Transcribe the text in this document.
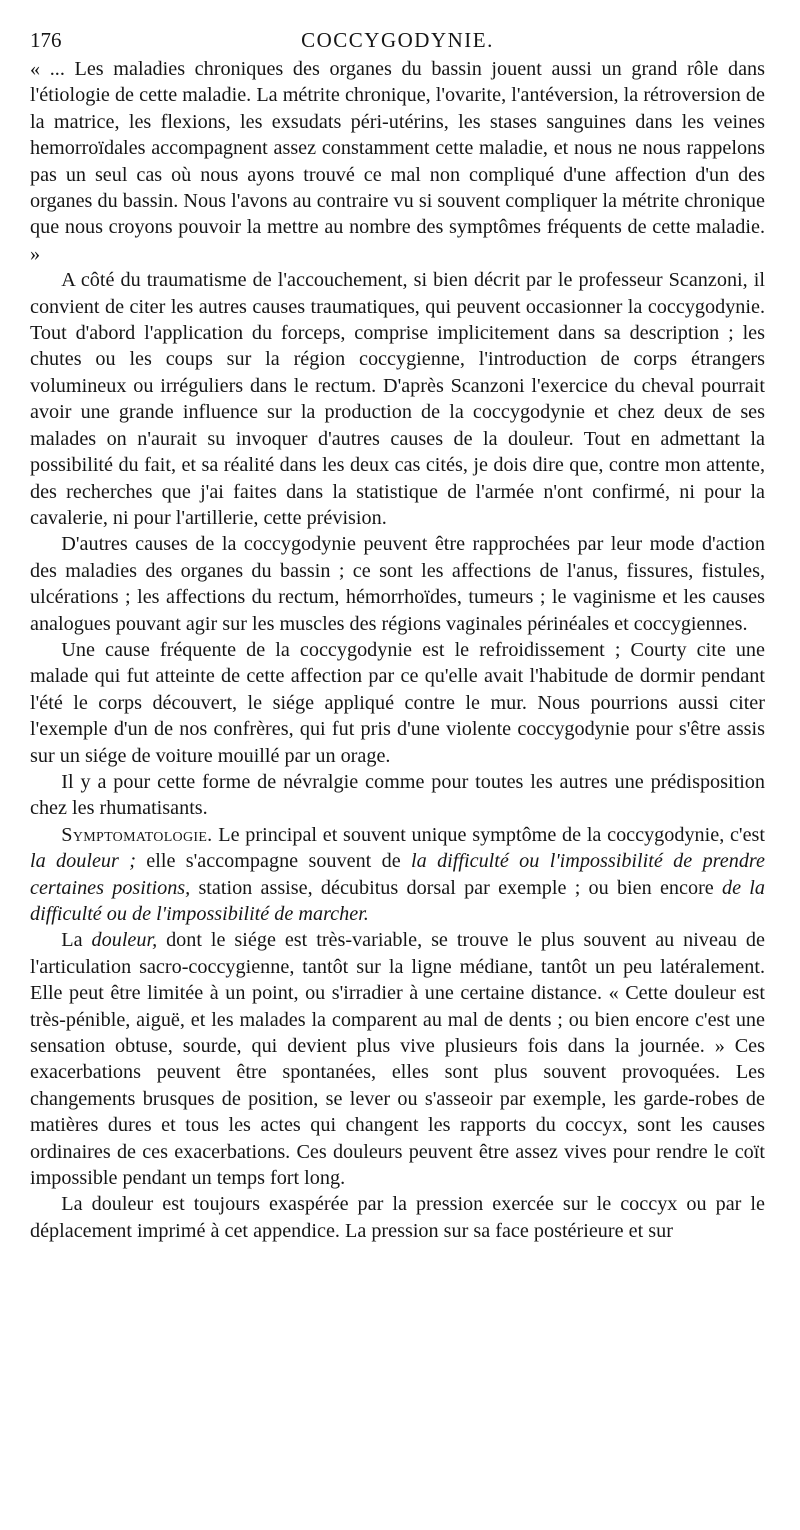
176	COCCYGODYNIE.

« ... Les maladies chroniques des organes du bassin jouent aussi un grand rôle dans l'étiologie de cette maladie. La métrite chronique, l'ovarite, l'antéversion, la rétroversion de la matrice, les flexions, les exsudats péri-utérins, les stases sanguines dans les veines hemorroïdales accompagnent assez constamment cette maladie, et nous ne nous rappelons pas un seul cas où nous ayons trouvé ce mal non compliqué d'une affection d'un des organes du bassin. Nous l'avons au contraire vu si souvent compliquer la métrite chronique que nous croyons pouvoir la mettre au nombre des symptômes fréquents de cette maladie. »

A côté du traumatisme de l'accouchement, si bien décrit par le professeur Scanzoni, il convient de citer les autres causes traumatiques, qui peuvent occasionner la coccygodynie. Tout d'abord l'application du forceps, comprise implicitement dans sa description ; les chutes ou les coups sur la région coccygienne, l'introduction de corps étrangers volumineux ou irréguliers dans le rectum. D'après Scanzoni l'exercice du cheval pourrait avoir une grande influence sur la production de la coccygodynie et chez deux de ses malades on n'aurait su invoquer d'autres causes de la douleur. Tout en admettant la possibilité du fait, et sa réalité dans les deux cas cités, je dois dire que, contre mon attente, des recherches que j'ai faites dans la statistique de l'armée n'ont confirmé, ni pour la cavalerie, ni pour l'artillerie, cette prévision.

D'autres causes de la coccygodynie peuvent être rapprochées par leur mode d'action des maladies des organes du bassin ; ce sont les affections de l'anus, fissures, fistules, ulcérations ; les affections du rectum, hémorrhoïdes, tumeurs ; le vaginisme et les causes analogues pouvant agir sur les muscles des régions vaginales périnéales et coccygiennes.

Une cause fréquente de la coccygodynie est le refroidissement ; Courty cite une malade qui fut atteinte de cette affection par ce qu'elle avait l'habitude de dormir pendant l'été le corps découvert, le siége appliqué contre le mur. Nous pourrions aussi citer l'exemple d'un de nos confrères, qui fut pris d'une violente coccygodynie pour s'être assis sur un siége de voiture mouillé par un orage.

Il y a pour cette forme de névralgie comme pour toutes les autres une prédisposition chez les rhumatisants.

Symptomatologie. Le principal et souvent unique symptôme de la coccygodynie, c'est la douleur ; elle s'accompagne souvent de la difficulté ou l'impossibilité de prendre certaines positions, station assise, décubitus dorsal par exemple ; ou bien encore de la difficulté ou de l'impossibilité de marcher.

La douleur, dont le siége est très-variable, se trouve le plus souvent au niveau de l'articulation sacro-coccygienne, tantôt sur la ligne médiane, tantôt un peu latéralement. Elle peut être limitée à un point, ou s'irradier à une certaine distance. « Cette douleur est très-pénible, aiguë, et les malades la comparent au mal de dents ; ou bien encore c'est une sensation obtuse, sourde, qui devient plus vive plusieurs fois dans la journée. » Ces exacerbations peuvent être spontanées, elles sont plus souvent provoquées. Les changements brusques de position, se lever ou s'asseoir par exemple, les garde-robes de matières dures et tous les actes qui changent les rapports du coccyx, sont les causes ordinaires de ces exacerbations. Ces douleurs peuvent être assez vives pour rendre le coït impossible pendant un temps fort long.

La douleur est toujours exaspérée par la pression exercée sur le coccyx ou par le déplacement imprimé à cet appendice. La pression sur sa face postérieure et sur
